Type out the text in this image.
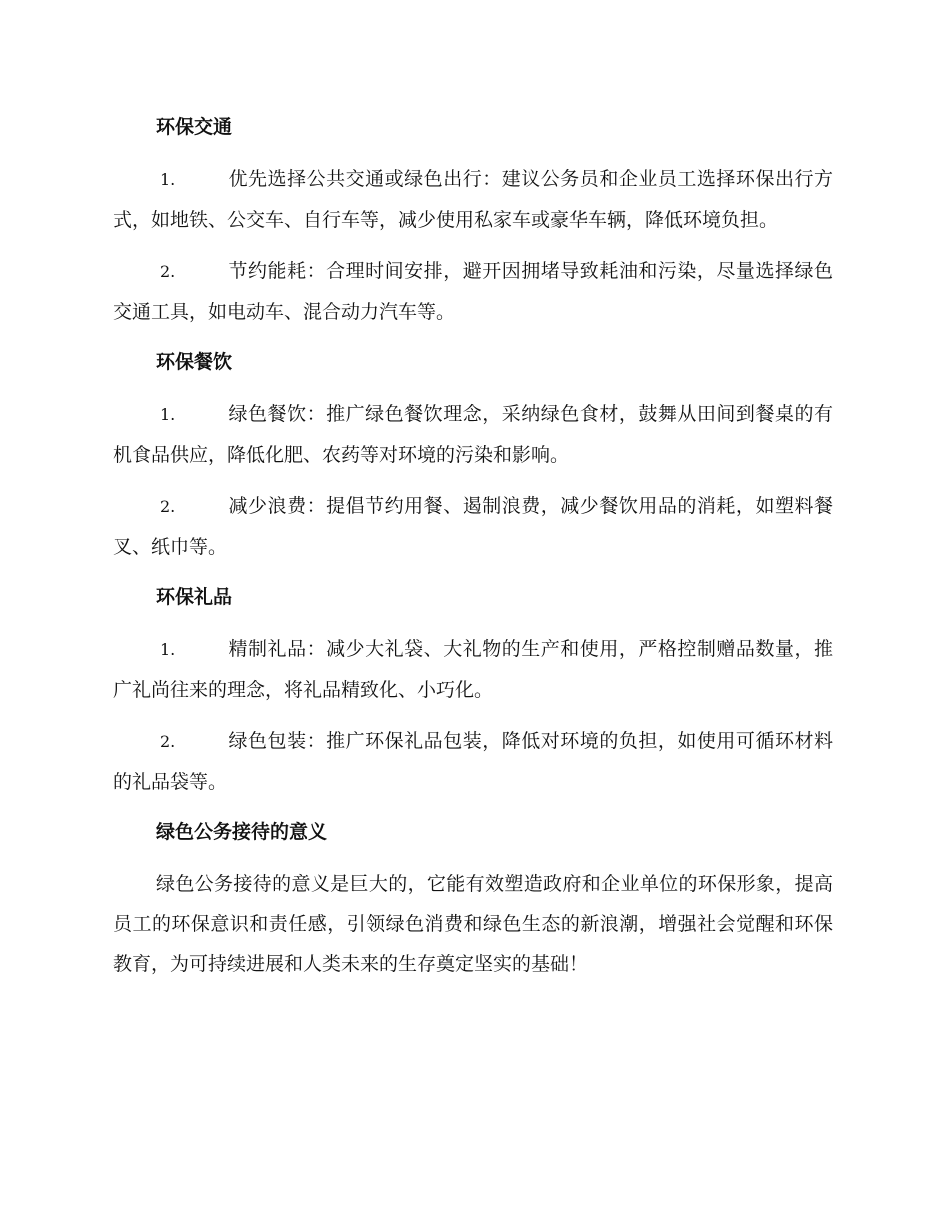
环保交通

1.	优先选择公共交通或绿色出行：建议公务员和企业员工选择环保出行方式，如地铁、公交车、自行车等，减少使用私家车或豪华车辆，降低环境负担。

2.	节约能耗：合理时间安排，避开因拥堵导致耗油和污染，尽量选择绿色交通工具，如电动车、混合动力汽车等。

环保餐饮

1.	绿色餐饮：推广绿色餐饮理念，采纳绿色食材，鼓舞从田间到餐桌的有机食品供应，降低化肥、农药等对环境的污染和影响。

2.	减少浪费：提倡节约用餐、遏制浪费，减少餐饮用品的消耗，如塑料餐叉、纸巾等。

环保礼品

1.	精制礼品：减少大礼袋、大礼物的生产和使用，严格控制赠品数量，推广礼尚往来的理念，将礼品精致化、小巧化。

2.	绿色包装：推广环保礼品包装，降低对环境的负担，如使用可循环材料的礼品袋等。

绿色公务接待的意义

绿色公务接待的意义是巨大的，它能有效塑造政府和企业单位的环保形象，提高员工的环保意识和责任感，引领绿色消费和绿色生态的新浪潮，增强社会觉醒和环保教育，为可持续进展和人类未来的生存奠定坚实的基础！
